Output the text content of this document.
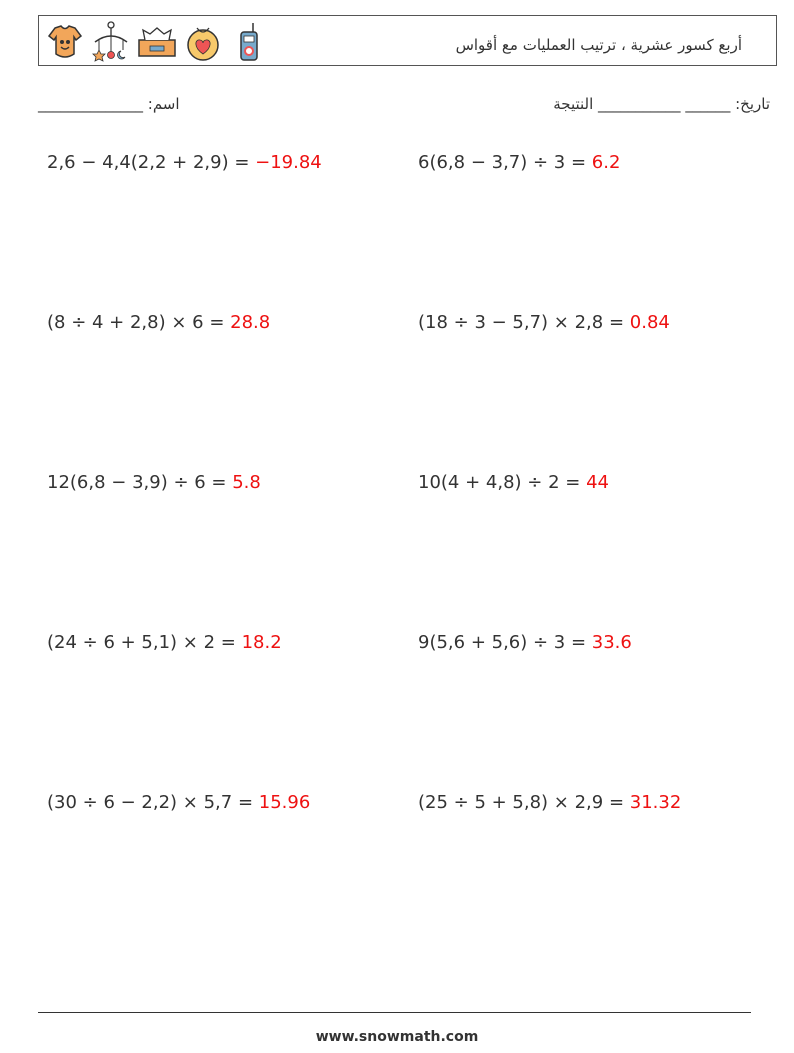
أربع كسور عشرية ، ترتيب العمليات مع أقواس
اسم: ______________	تاريخ: ______ ___________ النتيجة
2,6 − 4,4(2,2 + 2,9) = −19.84	6(6,8 − 3,7) ÷ 3 = 6.2
(8 ÷ 4 + 2,8) × 6 = 28.8	(18 ÷ 3 − 5,7) × 2,8 = 0.84
12(6,8 − 3,9) ÷ 6 = 5.8	10(4 + 4,8) ÷ 2 = 44
(24 ÷ 6 + 5,1) × 2 = 18.2	9(5,6 + 5,6) ÷ 3 = 33.6
(30 ÷ 6 − 2,2) × 5,7 = 15.96	(25 ÷ 5 + 5,8) × 2,9 = 31.32
www.snowmath.com
